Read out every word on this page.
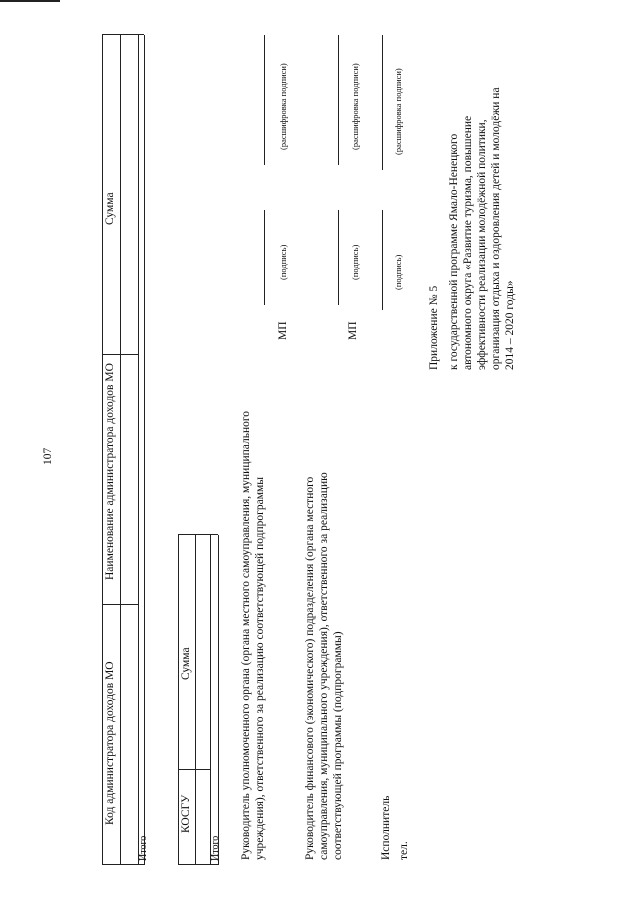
107
Код администратора доходов МО
Наименование администратора доходов МО
Сумма
Итого
КОСГУ
Сумма
Итого Руководитель уполномоченного органа (органа местного самоуправления, муниципального учреждения), ответственного за реализацию соответствующей подпрограммы
МП
(подпись)
(расшифровка подписи)
Руководитель финансового (экономического) подразделения (органа местного самоуправления, муниципального учреждения), ответственного за реализацию соответствующей программы (подпрограммы)
МП
(подпись)
(расшифровка подписи)
Исполнитель тел.
(подпись)
(расшифровка подписи)
Приложение № 5 к государственной программе Ямало-Ненецкого автономного округа «Развитие туризма, повышение эффективности реализации молодёжной политики, организация отдыха и оздоровления детей и молодёжи на 2014 – 2020 годы»
